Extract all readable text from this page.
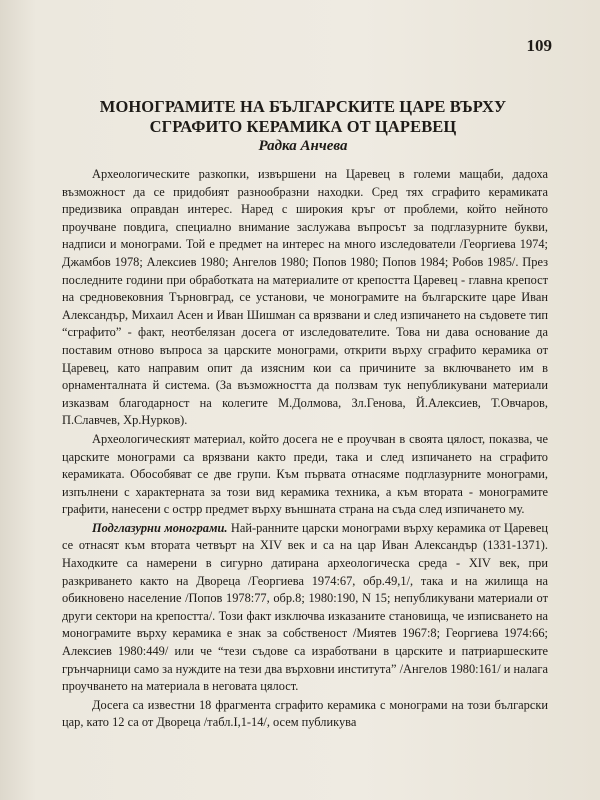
109
МОНОГРАМИТЕ НА БЪЛГАРСКИТЕ ЦАРЕ ВЪРХУ
СГРАФИТО КЕРАМИКА ОТ ЦАРЕВЕЦ
Радка Анчева

Археологическите разкопки, извършени на Царевец в големи мащаби, дадоха възможност да се придобият разнообразни находки. Сред тях сграфито керамиката предизвика оправдан интерес. Наред с широкия кръг от проблеми, който нейното проучване повдига, специално внимание заслужава въпросът за подглазурните букви, надписи и монограми. Той е предмет на интерес на много изследователи /Георгиева 1974; Джамбов 1978; Алексиев 1980; Ангелов 1980; Попов 1980; Попов 1984; Робов 1985/. През последните години при обработката на материалите от крепостта Царевец - главна крепост на средновековния Търновград, се установи, че монограмите на българските царе Иван Александър, Михаил Асен и Иван Шишман са врязвани и след изпичането на съдовете тип “сграфито” - факт, неотбелязан досега от изследователите. Това ни дава основание да поставим отново въпроса за царските монограми, открити върху сграфито керамика от Царевец, като направим опит да изясним кои са причините за включването им в орнаменталната й система. (За възможността да ползвам тук непубликувани материали изказвам благодарност на колегите М.Долмова, Зл.Генова, Й.Алексиев, Т.Овчаров, П.Славчев, Хр.Нурков).

Археологическият материал, който досега не е проучван в своята цялост, показва, че царските монограми са врязвани както преди, така и след изпичането на сграфито керамиката. Обособяват се две групи. Към първата отнасяме подглазурните монограми, изпълнени с характерната за този вид керамика техника, а към втората - монограмите графити, нанесени с острр предмет върху външната страна на съда след изпичането му.

Подглазурни монограми. Най-ранните царски монограми върху керамика от Царевец се отнасят към втората четвърт на XIV век и са на цар Иван Александър (1331-1371). Находките са намерени в сигурно датирана археологическа среда - XIV век, при разкриването както на Двореца /Георгиева 1974:67, обр.49,1/, така и на жилища на обикновено население /Попов 1978:77, обр.8; 1980:190, N 15; непубликувани материали от други сектори на крепостта/. Този факт изключва изказаните становища, че изписването на монограмите върху керамика е знак за собственост /Миятев 1967:8; Георгиева 1974:66; Алексиев 1980:449/ или че “тези съдове са изработвани в царските и патриаршеските грънчарници само за нуждите на тези два върховни института” /Ангелов 1980:161/ и налага проучването на материала в неговата цялост.

Досега са известни 18 фрагмента сграфито керамика с монограми на този български цар, като 12 са от Двореца /табл.I,1-14/, осем публикува
